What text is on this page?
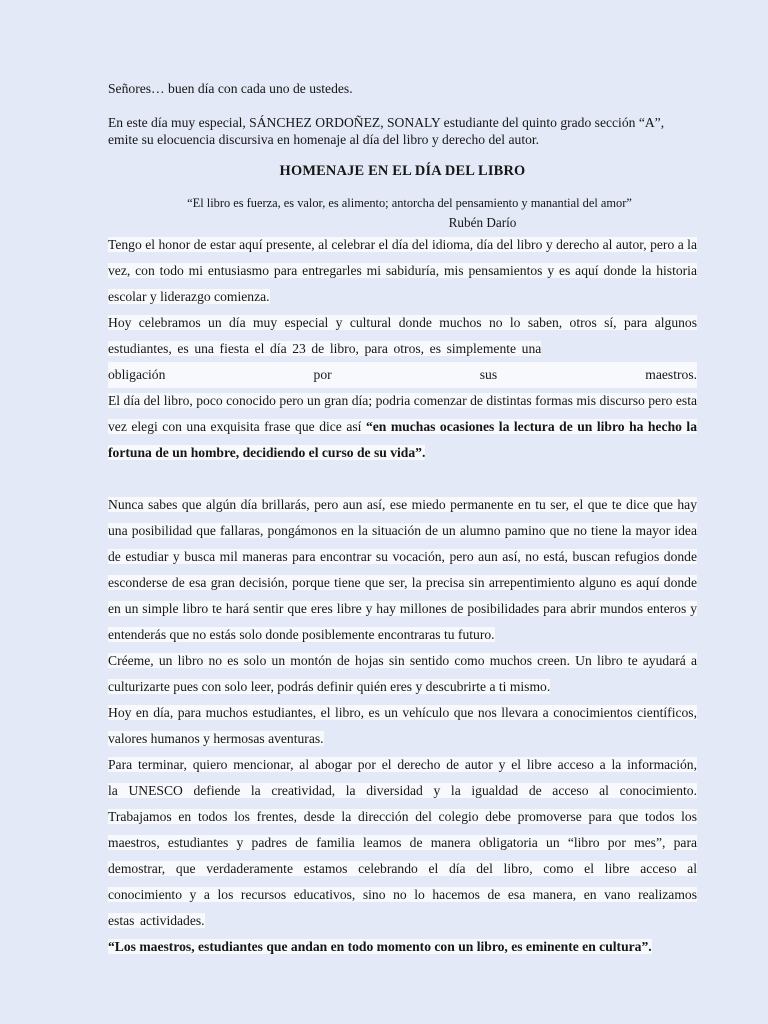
Señores… buen día con cada uno de ustedes.

En este día muy especial, SÁNCHEZ ORDOÑEZ, SONALY estudiante del quinto grado sección “A”,
emite su elocuencia discursiva en homenaje al día del libro y derecho del autor.

HOMENAJE EN EL DÍA DEL LIBRO

“El libro es fuerza, es valor, es alimento; antorcha del pensamiento y manantial del amor”

Rubén Darío

Tengo el honor de estar aquí presente, al celebrar el día del idioma, día del libro y derecho al autor, pero a la vez, con todo mi entusiasmo para entregarles mi sabiduría, mis pensamientos y es aquí donde la historia escolar y liderazgo comienza.

Hoy celebramos un día muy especial y cultural donde muchos no lo saben, otros sí, para algunos estudiantes, es una fiesta el día 23 de libro, para otros, es simplemente una

obligación
	por
	sus
	maestros.

El día del libro, poco conocido pero un gran día; podria comenzar de distintas formas mis discurso pero esta vez elegi con una exquisita frase que dice así “en muchas ocasiones la lectura de un libro ha hecho la fortuna de un hombre, decidiendo el curso de su vida”.

Nunca sabes que algún día brillarás, pero aun así, ese miedo permanente en tu ser, el que te dice que hay una posibilidad que fallaras, pongámonos en la situación de un alumno pamino que no tiene la mayor idea de estudiar y busca mil maneras para encontrar su vocación, pero aun así, no está, buscan refugios donde esconderse de esa gran decisión, porque tiene que ser, la precisa sin arrepentimiento alguno es aquí donde en un simple libro te hará sentir que eres libre y hay millones de posibilidades para abrir mundos enteros y entenderás que no estás solo donde posiblemente encontraras tu futuro.

Créeme, un libro no es solo un montón de hojas sin sentido como muchos creen. Un libro te ayudará a culturizarte pues con solo leer, podrás definir quién eres y descubrirte a ti mismo.

Hoy en día, para muchos estudiantes, el libro, es un vehículo que nos llevara a conocimientos científicos, valores humanos y hermosas aventuras.

Para terminar, quiero mencionar, al abogar por el derecho de autor y el libre acceso a la información, la UNESCO defiende la creatividad, la diversidad y la igualdad de acceso al conocimiento. Trabajamos en todos los frentes, desde la dirección del colegio debe promoverse para que todos los maestros, estudiantes y padres de familia leamos de manera obligatoria un “libro por mes”, para demostrar, que verdaderamente estamos celebrando el día del libro, como el libre acceso al conocimiento y a los recursos educativos, sino no lo hacemos de esa manera, en vano realizamos estas actividades.

“Los maestros, estudiantes que andan en todo momento con un libro, es eminente en cultura”.
